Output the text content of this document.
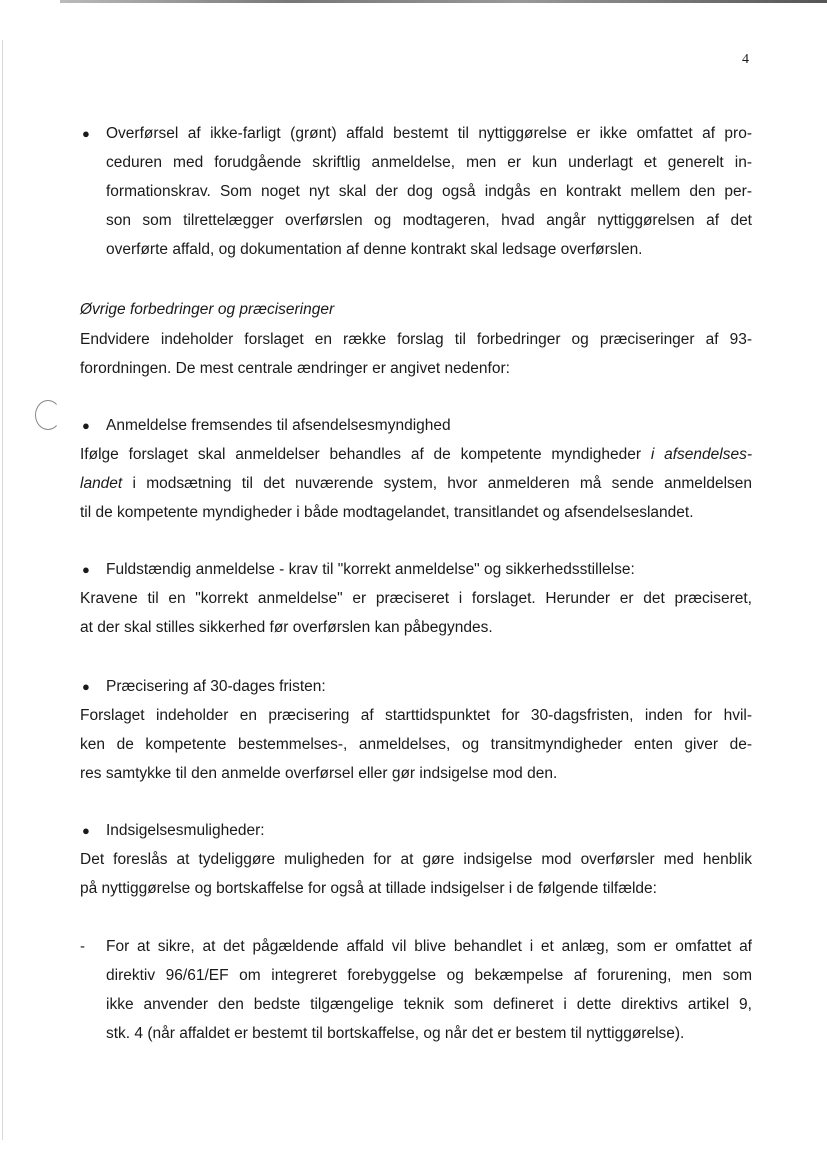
4
● Overførsel af ikke-farligt (grønt) affald bestemt til nyttiggørelse er ikke omfattet af pro-
ceduren med forudgående skriftlig anmeldelse, men er kun underlagt et generelt in-
formationskrav. Som noget nyt skal der dog også indgås en kontrakt mellem den per-
son som tilrettelægger overførslen og modtageren, hvad angår nyttiggørelsen af det
overførte affald, og dokumentation af denne kontrakt skal ledsage overførslen.
Øvrige forbedringer og præciseringer
Endvidere indeholder forslaget en række forslag til forbedringer og præciseringer af 93-
forordningen. De mest centrale ændringer er angivet nedenfor:
● Anmeldelse fremsendes til afsendelsesmyndighed
Ifølge forslaget skal anmeldelser behandles af de kompetente myndigheder i afsendelses-
landet i modsætning til det nuværende system, hvor anmelderen må sende anmeldelsen
til de kompetente myndigheder i både modtagelandet, transitlandet og afsendelseslandet.
● Fuldstændig anmeldelse - krav til "korrekt anmeldelse" og sikkerhedsstillelse:
Kravene til en "korrekt anmeldelse" er præciseret i forslaget. Herunder er det præciseret,
at der skal stilles sikkerhed før overførslen kan påbegyndes.
● Præcisering af 30-dages fristen:
Forslaget indeholder en præcisering af starttidspunktet for 30-dagsfristen, inden for hvil-
ken de kompetente bestemmelses-, anmeldelses, og transitmyndigheder enten giver de-
res samtykke til den anmelde overførsel eller gør indsigelse mod den.
● Indsigelsesmuligheder:
Det foreslås at tydeliggøre muligheden for at gøre indsigelse mod overførsler med henblik
på nyttiggørelse og bortskaffelse for også at tillade indsigelser i de følgende tilfælde:
- For at sikre, at det pågældende affald vil blive behandlet i et anlæg, som er omfattet af
direktiv 96/61/EF om integreret forebyggelse og bekæmpelse af forurening, men som
ikke anvender den bedste tilgængelige teknik som defineret i dette direktivs artikel 9,
stk. 4 (når affaldet er bestemt til bortskaffelse, og når det er bestem til nyttiggørelse).
